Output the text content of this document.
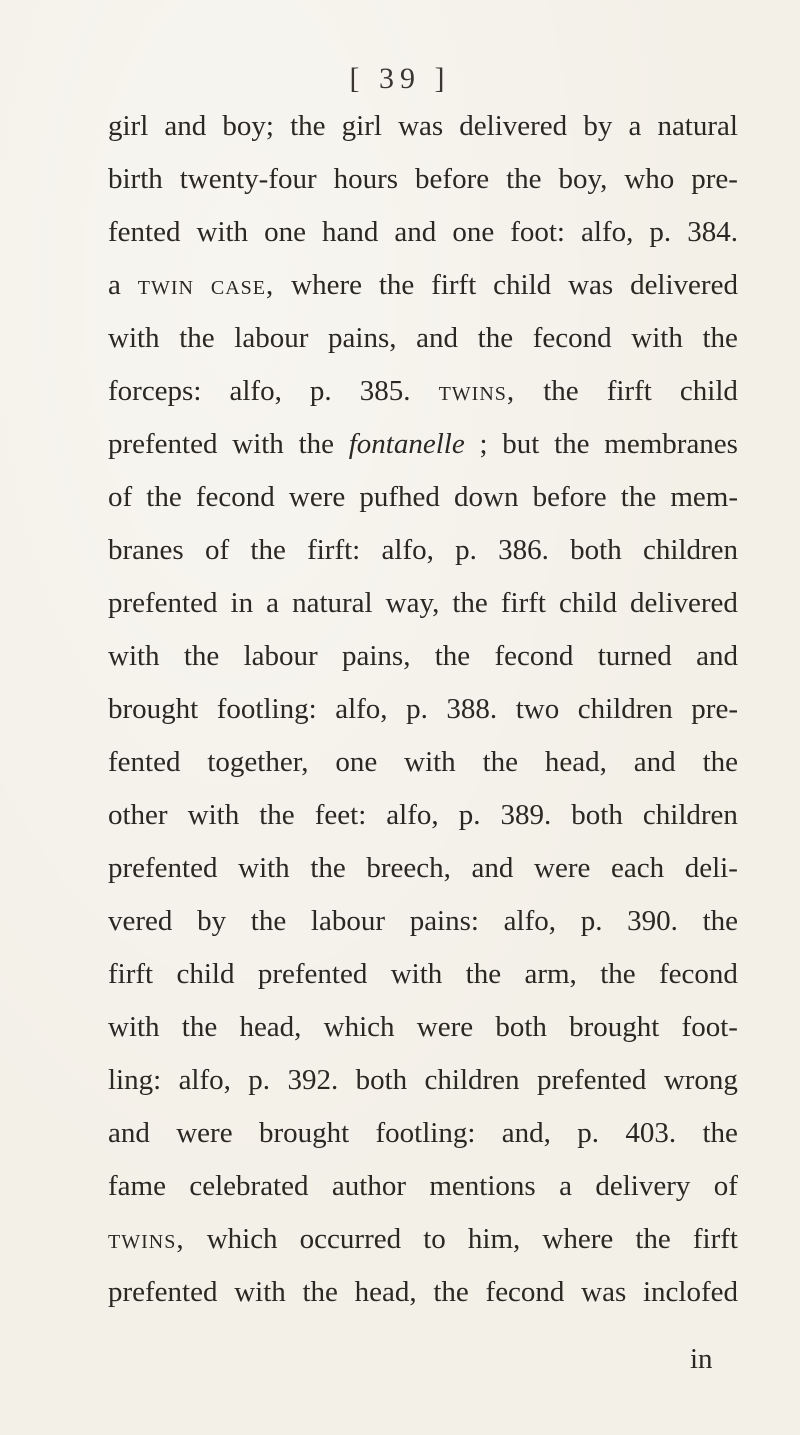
[ 39 ]
girl and boy; the girl was delivered by a natural
birth twenty-four hours before the boy, who pre-
fented with one hand and one foot: alfo, p. 384.
a twin case, where the firft child was delivered
with the labour pains, and the fecond with the
forceps: alfo, p. 385. twins, the firft child
prefented with the fontanelle ; but the membranes
of the fecond were pufhed down before the mem-
branes of the firft: alfo, p. 386. both children
prefented in a natural way, the firft child delivered
with the labour pains, the fecond turned and
brought footling: alfo, p. 388. two children pre-
fented together, one with the head, and the
other with the feet: alfo, p. 389. both children
prefented with the breech, and were each deli-
vered by the labour pains: alfo, p. 390. the
firft child prefented with the arm, the fecond
with the head, which were both brought foot-
ling: alfo, p. 392. both children prefented wrong
and were brought footling: and, p. 403. the
fame celebrated author mentions a delivery of
twins, which occurred to him, where the firft
prefented with the head, the fecond was inclofed
in
